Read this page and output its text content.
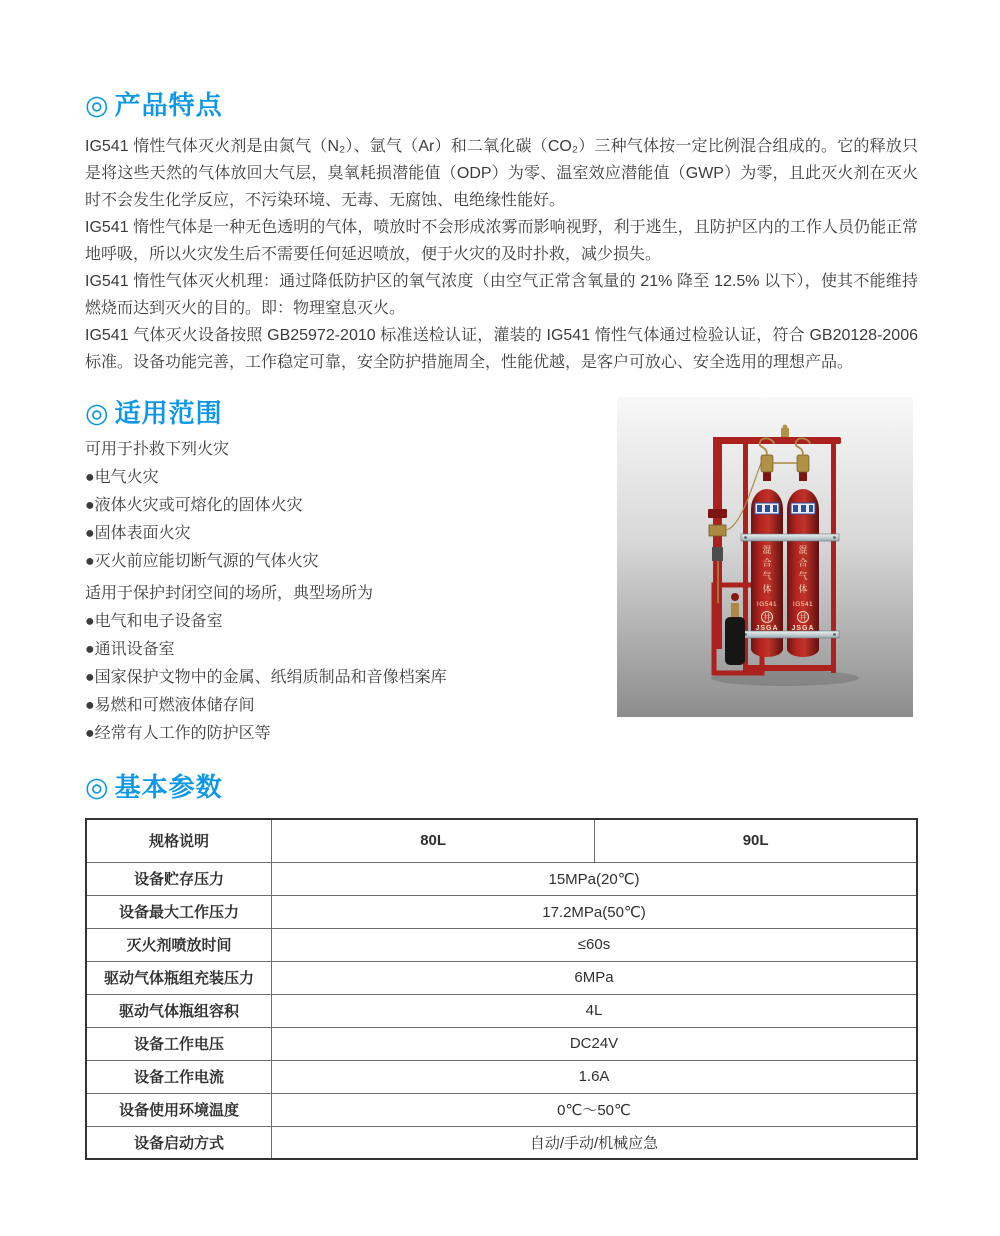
◎ 产品特点

IG541 惰性气体灭火剂是由氮气（N₂）、氩气（Ar）和二氧化碳（CO₂）三种气体按一定比例混合组成的。它的释放只是将这些天然的气体放回大气层，臭氧耗损潜能值（ODP）为零、温室效应潜能值（GWP）为零，且此灭火剂在灭火时不会发生化学反应，不污染环境、无毒、无腐蚀、电绝缘性能好。

IG541 惰性气体是一种无色透明的气体，喷放时不会形成浓雾而影响视野，利于逃生，且防护区内的工作人员仍能正常地呼吸，所以火灾发生后不需要任何延迟喷放，便于火灾的及时扑救，减少损失。

IG541 惰性气体灭火机理：通过降低防护区的氧气浓度（由空气正常含氧量的 21% 降至 12.5% 以下），使其不能维持燃烧而达到灭火的目的。即：物理窒息灭火。

IG541 气体灭火设备按照 GB25972-2010 标准送检认证，灌装的 IG541 惰性气体通过检验认证，符合 GB20128-2006 标准。设备功能完善，工作稳定可靠，安全防护措施周全，性能优越，是客户可放心、安全选用的理想产品。

◎ 适用范围
可用于扑救下列火灾
●电气火灾
●液体火灾或可熔化的固体火灾
●固体表面火灾
●灭火前应能切断气源的气体火灾
适用于保护封闭空间的场所，典型场所为
●电气和电子设备室
●通讯设备室
●国家保护文物中的金属、纸绢质制品和音像档案库
●易燃和可燃液体储存间
●经常有人工作的防护区等
◎ 基本参数
规格说明	80L	90L
设备贮存压力	15MPa(20℃)	
设备最大工作压力	17.2MPa(50℃)	
灭火剂喷放时间	≤60s	
驱动气体瓶组充装压力	6MPa	
驱动气体瓶组容积	4L	
设备工作电压	DC24V	
设备工作电流	1.6A	
设备使用环境温度	0℃～50℃	
设备启动方式	自动/手动/机械应急	
混合气体
IG541
井
JSGA
混合气体
IG541
井
JSGA
